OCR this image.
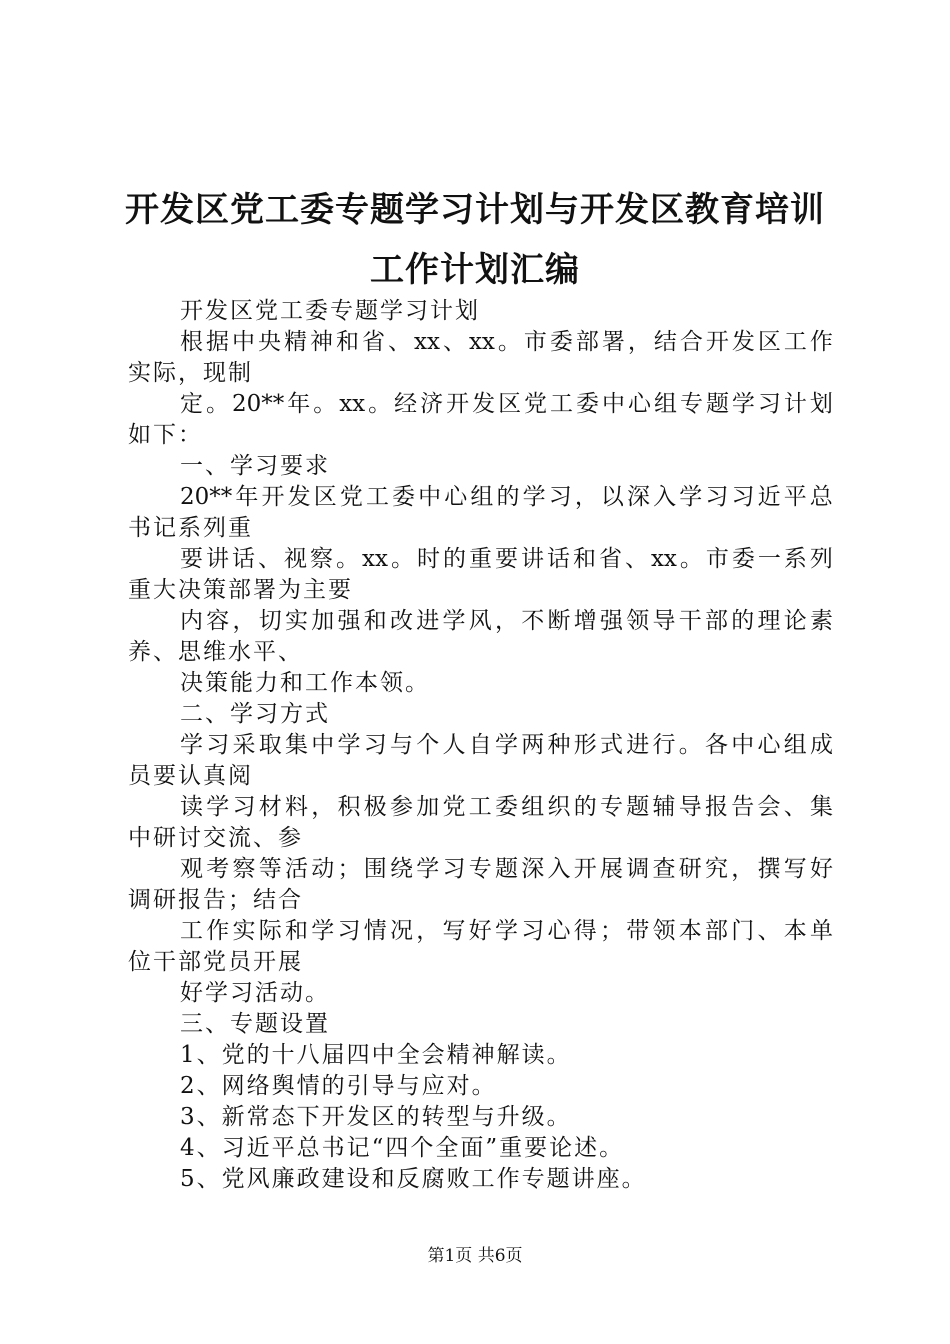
开发区党工委专题学习计划与开发区教育培训
工作计划汇编
开发区党工委专题学习计划
根 据 中 央 精 神 和 省 、 xx 、 xx 。 市 委 部 署 ， 结 合 开 发 区 工 作
实际，现制
定 。 20** 年 。 xx 。 经 济 开 发 区 党 工 委 中 心 组 专 题 学 习 计 划
如下：
一、学习要求
20** 年 开 发 区 党 工 委 中 心 组 的 学 习 ， 以 深 入 学 习 习 近 平 总
书记系列重
要 讲 话 、 视 察 。 xx 。 时 的 重 要 讲 话 和 省 、 xx 。 市 委 一 系 列
重大决策部署为主要
内 容 ， 切 实 加 强 和 改 进 学 风 ， 不 断 增 强 领 导 干 部 的 理 论 素
养、思维水平、
决策能力和工作本领。
二、学习方式
学 习 采 取 集 中 学 习 与 个 人 自 学 两 种 形 式 进 行 。 各 中 心 组 成
员要认真阅
读 学 习 材 料 ， 积 极 参 加 党 工 委 组 织 的 专 题 辅 导 报 告 会 、 集
中研讨交流、参
观 考 察 等 活 动 ； 围 绕 学 习 专 题 深 入 开 展 调 查 研 究 ， 撰 写 好
调研报告；结合
工 作 实 际 和 学 习 情 况 ， 写 好 学 习 心 得 ； 带 领 本 部 门 、 本 单
位干部党员开展
好学习活动。
三、专题设置
1、党的十八届四中全会精神解读。
2、网络舆情的引导与应对。
3、新常态下开发区的转型与升级。
4、习近平总书记“四个全面”重要论述。
5、党风廉政建设和反腐败工作专题讲座。
第1页 共6页
